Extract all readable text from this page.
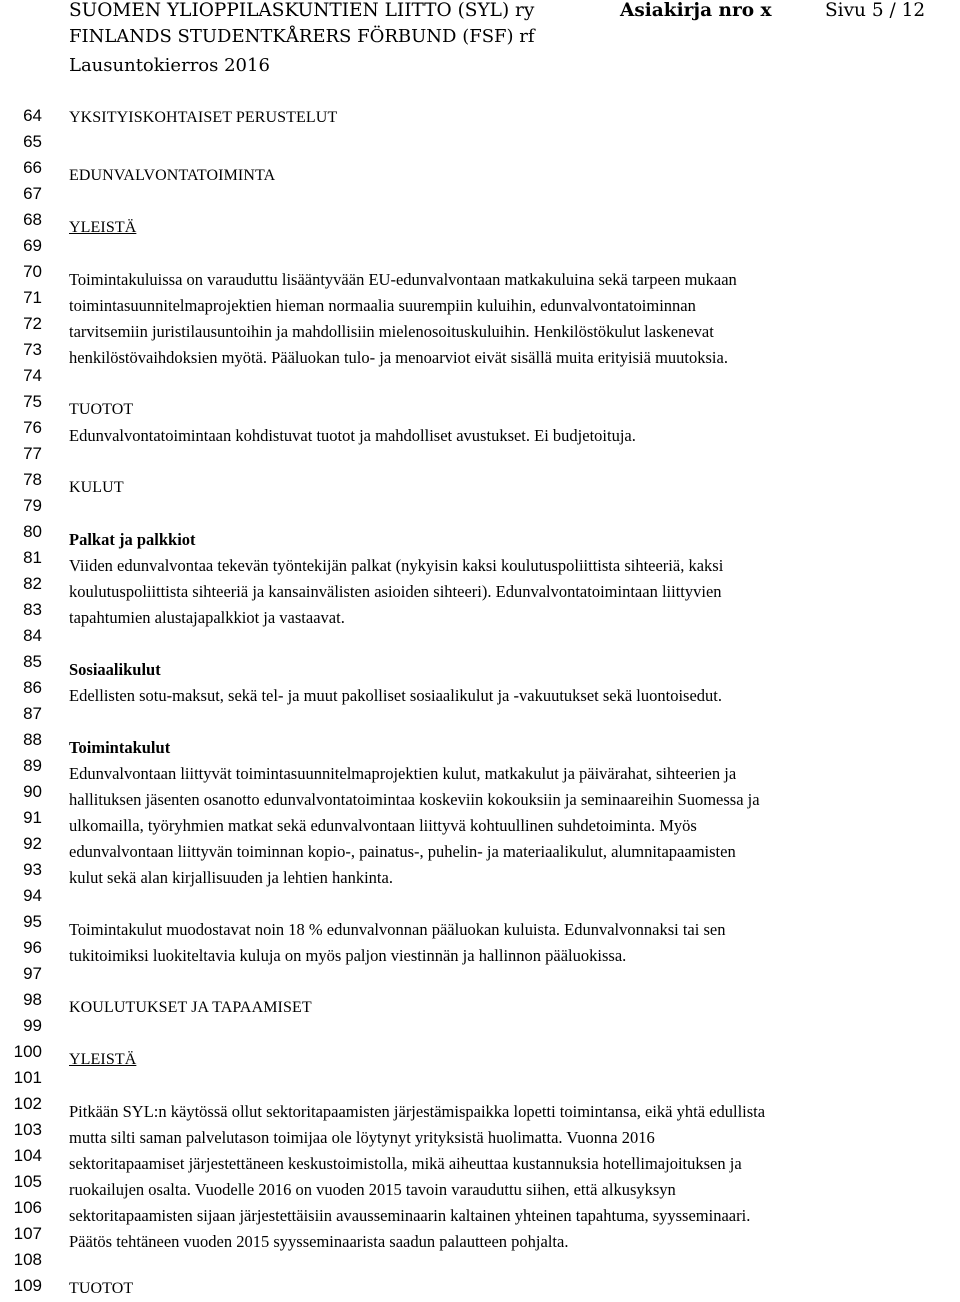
SUOMEN YLIOPPILASKUNTIEN LIITTO (SYL) ry
FINLANDS STUDENTKÅRERS FÖRBUND (FSF) rf
Lausuntokierros 2016
Asiakirja nro x	Sivu 5 / 12
64
65
66
67
68
69
70
71
72
73
74
75
76
77
78
79
80
81
82
83
84
85
86
87
88
89
90
91
92
93
94
95
96
97
98
99
100
101
102
103
104
105
106
107
108
109
YKSITYISKOHTAISET PERUSTELUT
EDUNVALVONTATOIMINTA
YLEISTÄ
Toimintakuluissa on varauduttu lisääntyvään EU-edunvalvontaan matkakuluina sekä tarpeen mukaan
toimintasuunnitelmaprojektien hieman normaalia suurempiin kuluihin, edunvalvontatoiminnan
tarvitsemiin juristilausuntoihin ja mahdollisiin mielenosoituskuluihin. Henkilöstökulut laskenevat
henkilöstövaihdoksien myötä. Pääluokan tulo- ja menoarviot eivät sisällä muita erityisiä muutoksia.
TUOTOT
Edunvalvontatoimintaan kohdistuvat tuotot ja mahdolliset avustukset. Ei budjetoituja.
KULUT
Palkat ja palkkiot
Viiden edunvalvontaa tekevän työntekijän palkat (nykyisin kaksi koulutuspoliittista sihteeriä, kaksi
koulutuspoliittista sihteeriä ja kansainvälisten asioiden sihteeri). Edunvalvontatoimintaan liittyvien
tapahtumien alustajapalkkiot ja vastaavat.
Sosiaalikulut
Edellisten sotu-maksut, sekä tel- ja muut pakolliset sosiaalikulut ja -vakuutukset sekä luontoisedut.
Toimintakulut
Edunvalvontaan liittyvät toimintasuunnitelmaprojektien kulut, matkakulut ja päivärahat, sihteerien ja
hallituksen jäsenten osanotto edunvalvontatoimintaa koskeviin kokouksiin ja seminaareihin Suomessa ja
ulkomailla, työryhmien matkat sekä edunvalvontaan liittyvä kohtuullinen suhdetoiminta. Myös
edunvalvontaan liittyvän toiminnan kopio-, painatus-, puhelin- ja materiaalikulut, alumnitapaamisten
kulut sekä alan kirjallisuuden ja lehtien hankinta.
Toimintakulut muodostavat noin 18 % edunvalvonnan pääluokan kuluista. Edunvalvonnaksi tai sen
tukitoimiksi luokiteltavia kuluja on myös paljon viestinnän ja hallinnon pääluokissa.
KOULUTUKSET JA TAPAAMISET
YLEISTÄ
Pitkään SYL:n käytössä ollut sektoritapaamisten järjestämispaikka lopetti toimintansa, eikä yhtä edullista
mutta silti saman palvelutason toimijaa ole löytynyt yrityksistä huolimatta. Vuonna 2016
sektoritapaamiset järjestettäneen keskustoimistolla, mikä aiheuttaa kustannuksia hotellimajoituksen ja
ruokailujen osalta. Vuodelle 2016 on vuoden 2015 tavoin varauduttu siihen, että alkusyksyn
sektoritapaamisten sijaan järjestettäisiin avausseminaarin kaltainen yhteinen tapahtuma, syysseminaari.
Päätös tehtäneen vuoden 2015 syysseminaarista saadun palautteen pohjalta.
TUOTOT
